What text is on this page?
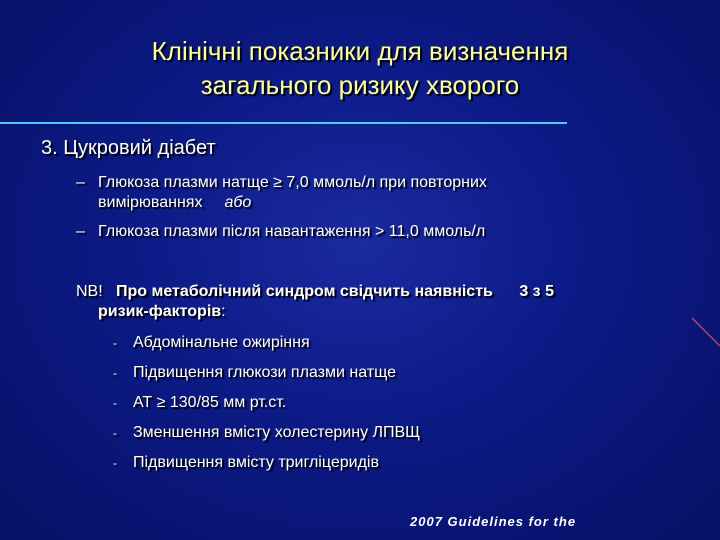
Клінічні показники для визначення
загального ризику хворого
3. Цукровий діабет
– Глюкоза плазми натще ≥ 7,0 ммоль/л при повторних
вимірюваннях або
– Глюкоза плазми після навантаження > 11,0 ммоль/л
NB! Про метаболічний синдром свідчить наявність 3 з 5
ризик-факторів:
-	Абдомінальне ожиріння
-	Підвищення глюкози плазми натще
-	АТ ≥ 130/85 мм рт.ст.
-	Зменшення вмісту холестерину ЛПВЩ
-	Підвищення вмісту тригліцеридів
2007 Guidelines for the
